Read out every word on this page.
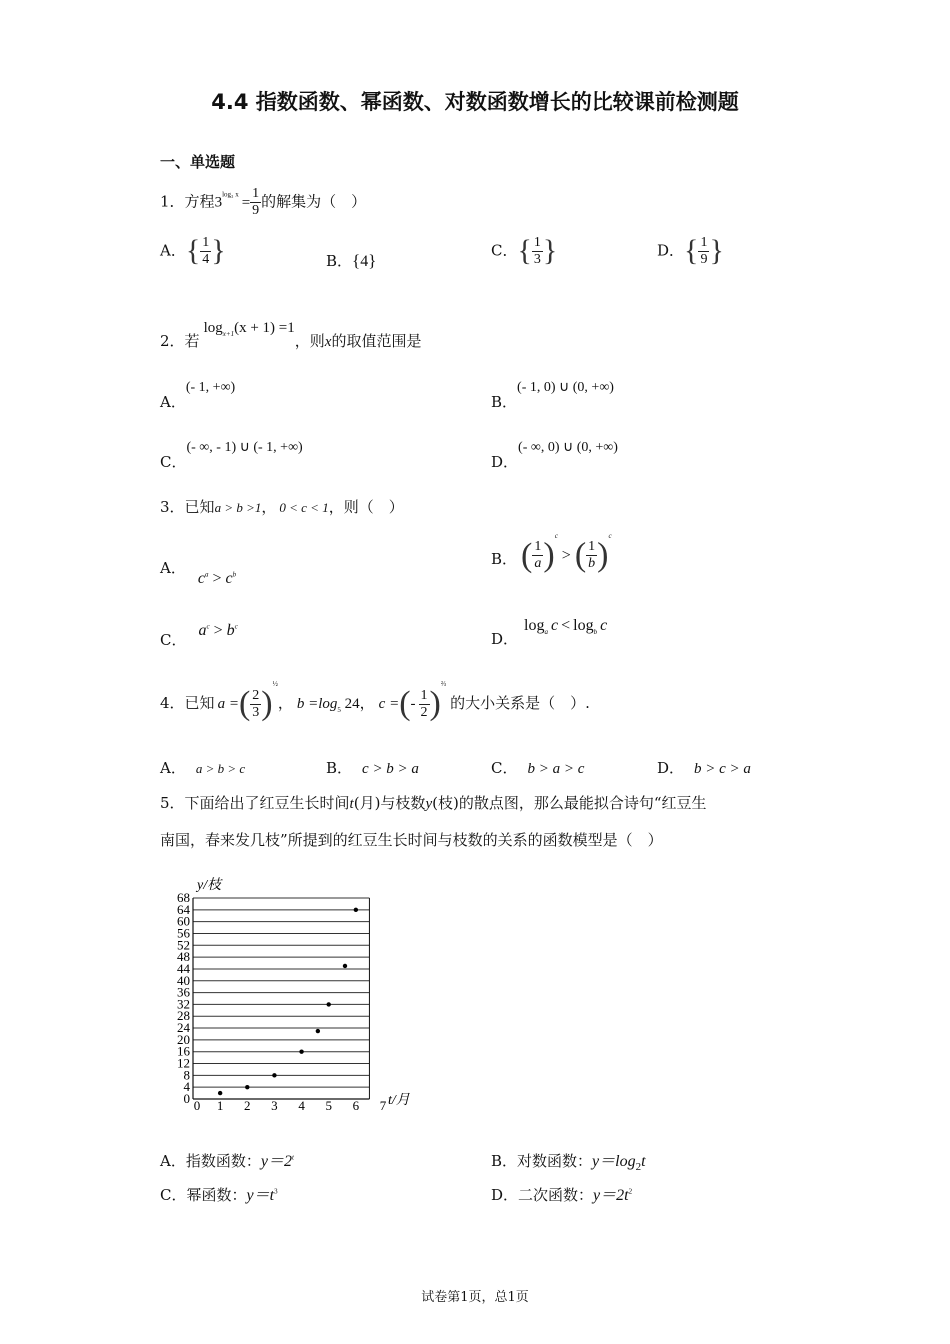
4.4 指数函数、幂函数、对数函数增长的比较课前检测题
一、单选题
1．方程$3^{log_3 x} = \frac{1}{9}$ 的解集为（　）
A．{ $\frac{1}{4}$ }	B．{4}
C．{ $\frac{1}{3}$ }	D．{ $\frac{1}{9}$ }
2．若$\log_{x+1}(x + 1) =1$，则x的取值范围是
A．(- 1, +∞)
B．(- 1, 0) ∪ (0, +∞)
C．(- ∞, - 1) ∪ (- 1, +∞)
D．(- ∞, 0) ∪ (0, +∞)
3．已知a > b >1， 0 < c < 1，则（　）
A．$c^a > c^b$
B． ( $\frac{1}{a} )^c>$ ( $\frac{1}{b} )^c$
C．$a^c > b^c$
D．$\log_a c < \log_b c$
4．已知 a =( $\frac{2}{3} )^{\frac{1}{2}}$， $b =\log_5$ 24， c =(- $\frac{1}{2} )^{\frac{2}{3}}$的大小关系是（　）.
A． a > b > c	B． c > b > a	C． b > a > c	D． b > c > a
5．下面给出了红豆生长时间t(月)与枝数y(枝)的散点图，那么最能拟合诗句“红豆生
南国，春来发几枝”所提到的红豆生长时间与枝数的关系的函数模型是（　）
0
4
8
12
16
20
24
28
32
36
40
44
48
52
56
60
64
68
0 1 2 3 4 5 6 7
y/枝
t/月
A．指数函数：$y=2^t$	B．对数函数：$y=\log_2t$
C．幂函数：$y=t^3$	D．二次函数：$y=2t^2$
试卷第1页，总1页
